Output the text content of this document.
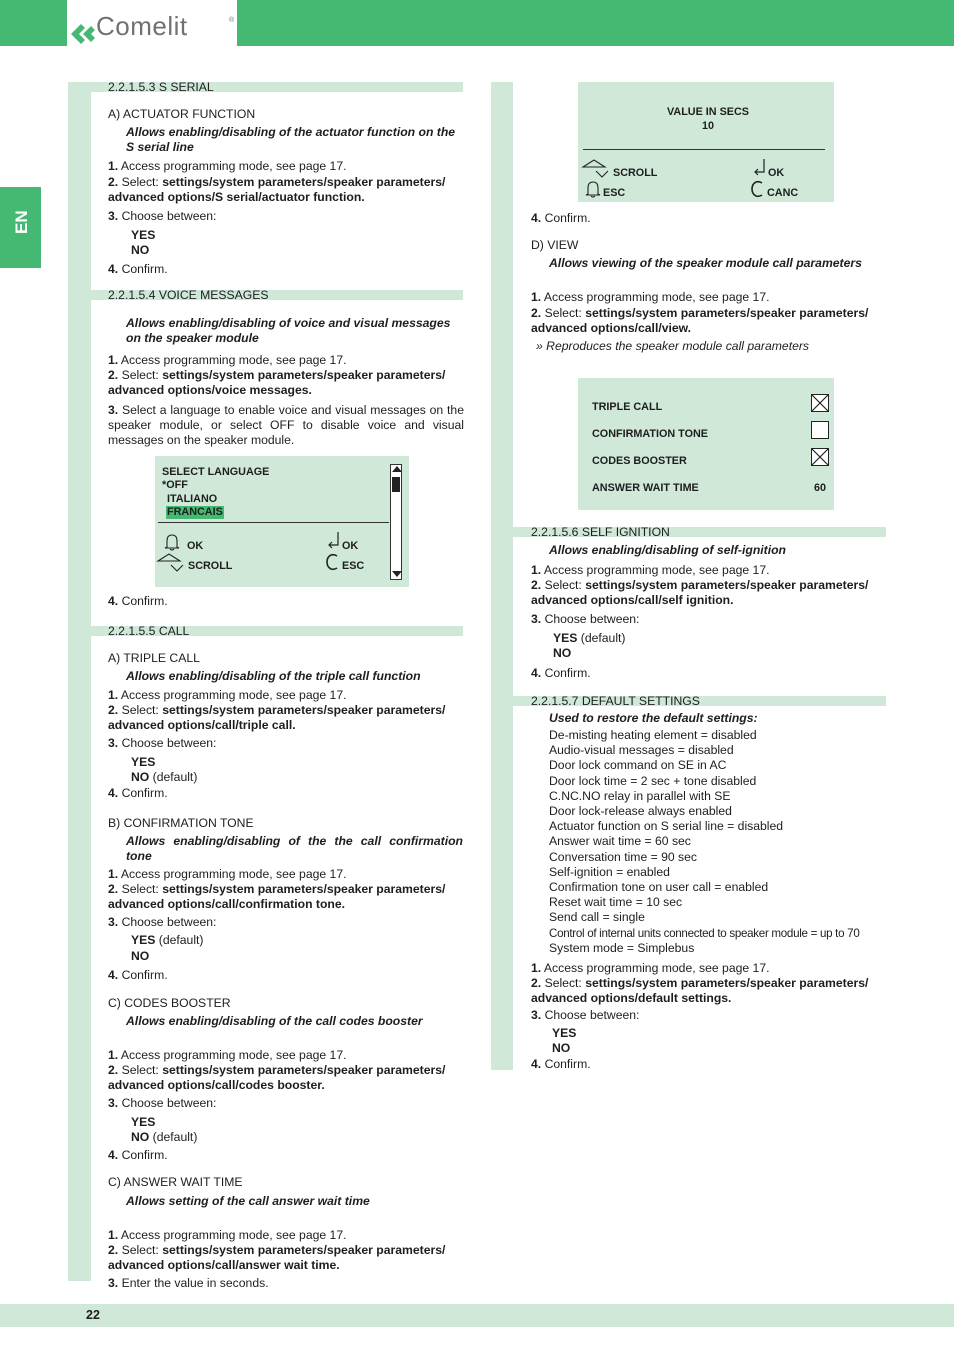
Comelit	®
EN
2.2.1.5.3 S SERIAL
A) ACTUATOR FUNCTION
Allows enabling/disabling of the actuator function on the S serial line
1. Access programming mode, see page 17.
2. Select: settings/system parameters/speaker parameters/ advanced options/S serial/actuator function.
3. Choose between:
YES
NO
4. Confirm.
2.2.1.5.4 VOICE MESSAGES
Allows enabling/disabling of voice and visual messages on the speaker module
1. Access programming mode, see page 17.
2. Select: settings/system parameters/speaker parameters/ advanced options/voice messages.
3. Select a language to enable voice and visual messages on the speaker module, or select OFF to disable voice and visual messages on the speaker module.
SELECT LANGUAGE
*OFF
ITALIANO
FRANCAIS
OK
SCROLL
OK
ESC
4. Confirm.
2.2.1.5.5 CALL
A) TRIPLE CALL
Allows enabling/disabling of the triple call function
1. Access programming mode, see page 17.
2. Select: settings/system parameters/speaker parameters/ advanced options/call/triple call.
3. Choose between:
YES
NO (default)
4. Confirm.
B) CONFIRMATION TONE
Allows enabling/disabling of the the call confirmation tone
1. Access programming mode, see page 17.
2. Select: settings/system parameters/speaker parameters/ advanced options/call/confirmation tone.
3. Choose between:
YES (default)
NO
4. Confirm.
C) CODES BOOSTER
Allows enabling/disabling of the call codes booster
1. Access programming mode, see page 17.
2. Select: settings/system parameters/speaker parameters/ advanced options/call/codes booster.
3. Choose between:
YES
NO (default)
4. Confirm.
C) ANSWER WAIT TIME
Allows setting of the call answer wait time
1. Access programming mode, see page 17.
2. Select: settings/system parameters/speaker parameters/ advanced options/call/answer wait time.
3. Enter the value in seconds.
VALUE IN SECS
10
SCROLL
ESC
OK
CANC
4. Confirm.
D) VIEW
Allows viewing of the speaker module call parameters
1. Access programming mode, see page 17.
2. Select: settings/system parameters/speaker parameters/ advanced options/call/view.
» Reproduces the speaker module call parameters
TRIPLE CALL
CONFIRMATION TONE
CODES BOOSTER
ANSWER WAIT TIME	60
2.2.1.5.6 SELF IGNITION
Allows enabling/disabling of self-ignition
1. Access programming mode, see page 17.
2. Select: settings/system parameters/speaker parameters/ advanced options/call/self ignition.
3. Choose between:
YES (default)
NO
4. Confirm.
2.2.1.5.7 DEFAULT SETTINGS
Used to restore the default settings:
De-misting heating element = disabled
Audio-visual messages = disabled
Door lock command on SE in AC
Door lock time = 2 sec + tone disabled
C.NC.NO relay in parallel with SE
Door lock-release always enabled
Actuator function on S serial line = disabled
Answer wait time = 60 sec
Conversation time = 90 sec
Self-ignition = enabled
Confirmation tone on user call = enabled
Reset wait time = 10 sec
Send call = single
Control of internal units connected to speaker module = up to 70
System mode = Simplebus
1. Access programming mode, see page 17.
2. Select: settings/system parameters/speaker parameters/ advanced options/default settings.
3. Choose between:
YES
NO
4. Confirm.
22
